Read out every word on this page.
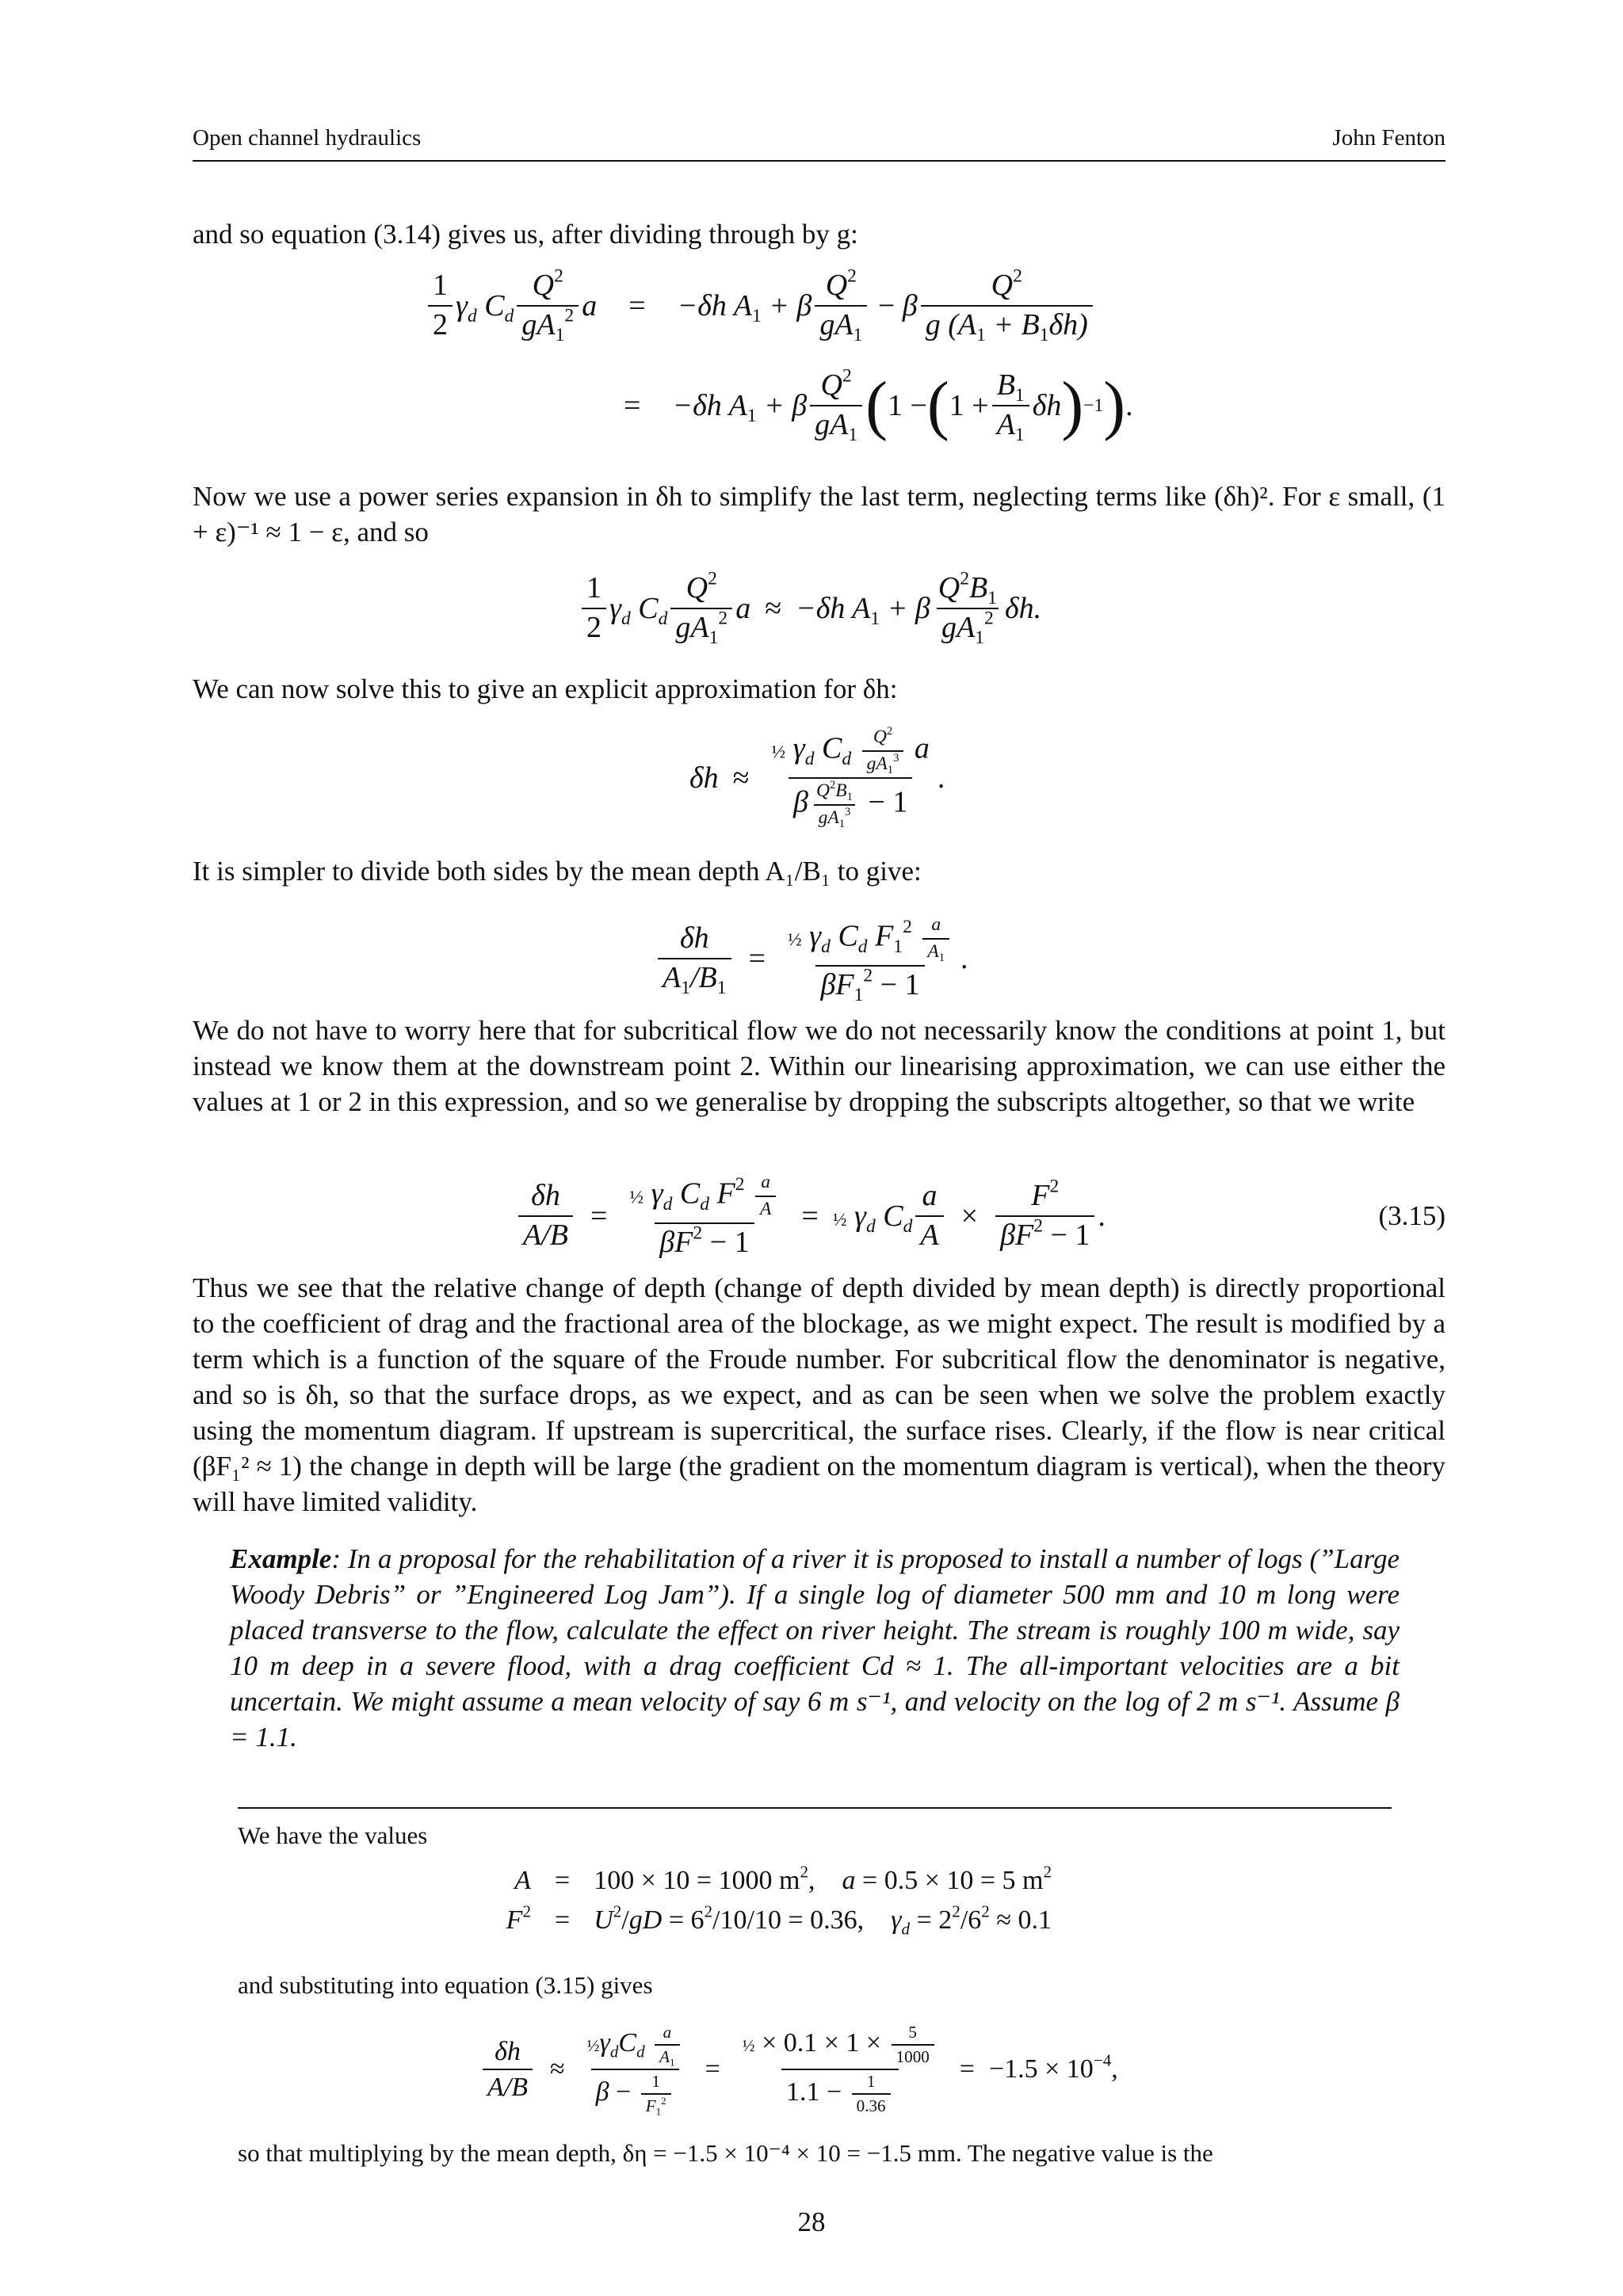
Open channel hydraulics	John Fenton

and so equation (3.14) gives us, after dividing through by g:

$\frac{1}{2} \gamma_d$ $C_d \frac{Q^2}{gA_1^2}$ a = −δh $A_1 + \beta \frac{Q^2}{gA_1} - \beta \frac{Q^2}{g (A_1 + B_1\delta h)}$
= −δh $A_1 + \beta \frac{Q^2}{gA_1}$ ( 1 − ( $1 + \frac{B_1}{A_1}$ δh ) −1 ) .

Now we use a power series expansion in δh to simplify the last term, neglecting terms like (δh)². For ε small, (1 + ε)⁻¹ ≈ 1 − ε, and so

$\frac{1}{2} \gamma_d$ $C_d \frac{Q^2}{gA_1^2}$ a ≈ −δh $A_1 + \beta \frac{Q^2B_1}{gA_1^2} \delta h$.

We can now solve this to give an explicit approximation for δh:

$\delta h \approx \frac{\frac{1}{2} \gamma_d C_d \frac{Q^2}{gA_1^3} a}{\beta \frac{Q^2B_1}{gA_1^3} - 1}$ .

It is simpler to divide both sides by the mean depth A₁/B₁ to give:

$\frac{\delta h}{A_1/B_1} = \frac{\frac{1}{2} \gamma_d C_d F_1^2 \frac{a}{A_1}}{\beta F_1^2 - 1}$ .

We do not have to worry here that for subcritical flow we do not necessarily know the conditions at point 1, but instead we know them at the downstream point 2. Within our linearising approximation, we can use either the values at 1 or 2 in this expression, and so we generalise by dropping the subscripts altogether, so that we write

$\frac{\delta h}{A/B} = \frac{\frac{1}{2} \gamma_d C_d F^2 \frac{a}{A}}{\beta F^2 - 1}$ = ½ $\gamma_d$ $C_d \frac{a}{A} \times \frac{F^2}{\beta F^2 - 1}$ .	(3.15)

Thus we see that the relative change of depth (change of depth divided by mean depth) is directly proportional to the coefficient of drag and the fractional area of the blockage, as we might expect. The result is modified by a term which is a function of the square of the Froude number. For subcritical flow the denominator is negative, and so is δh, so that the surface drops, as we expect, and as can be seen when we solve the problem exactly using the momentum diagram. If upstream is supercritical, the surface rises. Clearly, if the flow is near critical (βF₁² ≈ 1) the change in depth will be large (the gradient on the momentum diagram is vertical), when the theory will have limited validity.

Example: In a proposal for the rehabilitation of a river it is proposed to install a number of logs (”Large Woody Debris” or ”Engineered Log Jam”). If a single log of diameter 500 mm and 10 m long were placed transverse to the flow, calculate the effect on river height. The stream is roughly 100 m wide, say 10 m deep in a severe flood, with a drag coefficient Cd ≈ 1. The all-important velocities are a bit uncertain. We might assume a mean velocity of say 6 m s⁻¹, and velocity on the log of 2 m s⁻¹. Assume β = 1.1.

We have the values

A = 100 × 10 = 1000 $m^2$,    a = 0.5 × 10 = 5 $m^2$
$F^2 = U^2/gD = 6^2/10/10 = 0.36$,    $\gamma_d = 2^2/6^2 \approx 0.1$

and substituting into equation (3.15) gives

$\frac{\delta h}{A/B} \approx \frac{\frac{1}{2}\gamma_dC_d \frac{a}{A_1}}{\beta - \frac{1}{F_1^2}} = \frac{\frac{1}{2} \times 0.1 \times 1 \times \frac{5}{1000}}{1.1 - \frac{1}{0.36}} = -1.5 \times 10^{-4}$,

so that multiplying by the mean depth, δη = −1.5 × 10⁻⁴ × 10 = −1.5 mm. The negative value is the

28
